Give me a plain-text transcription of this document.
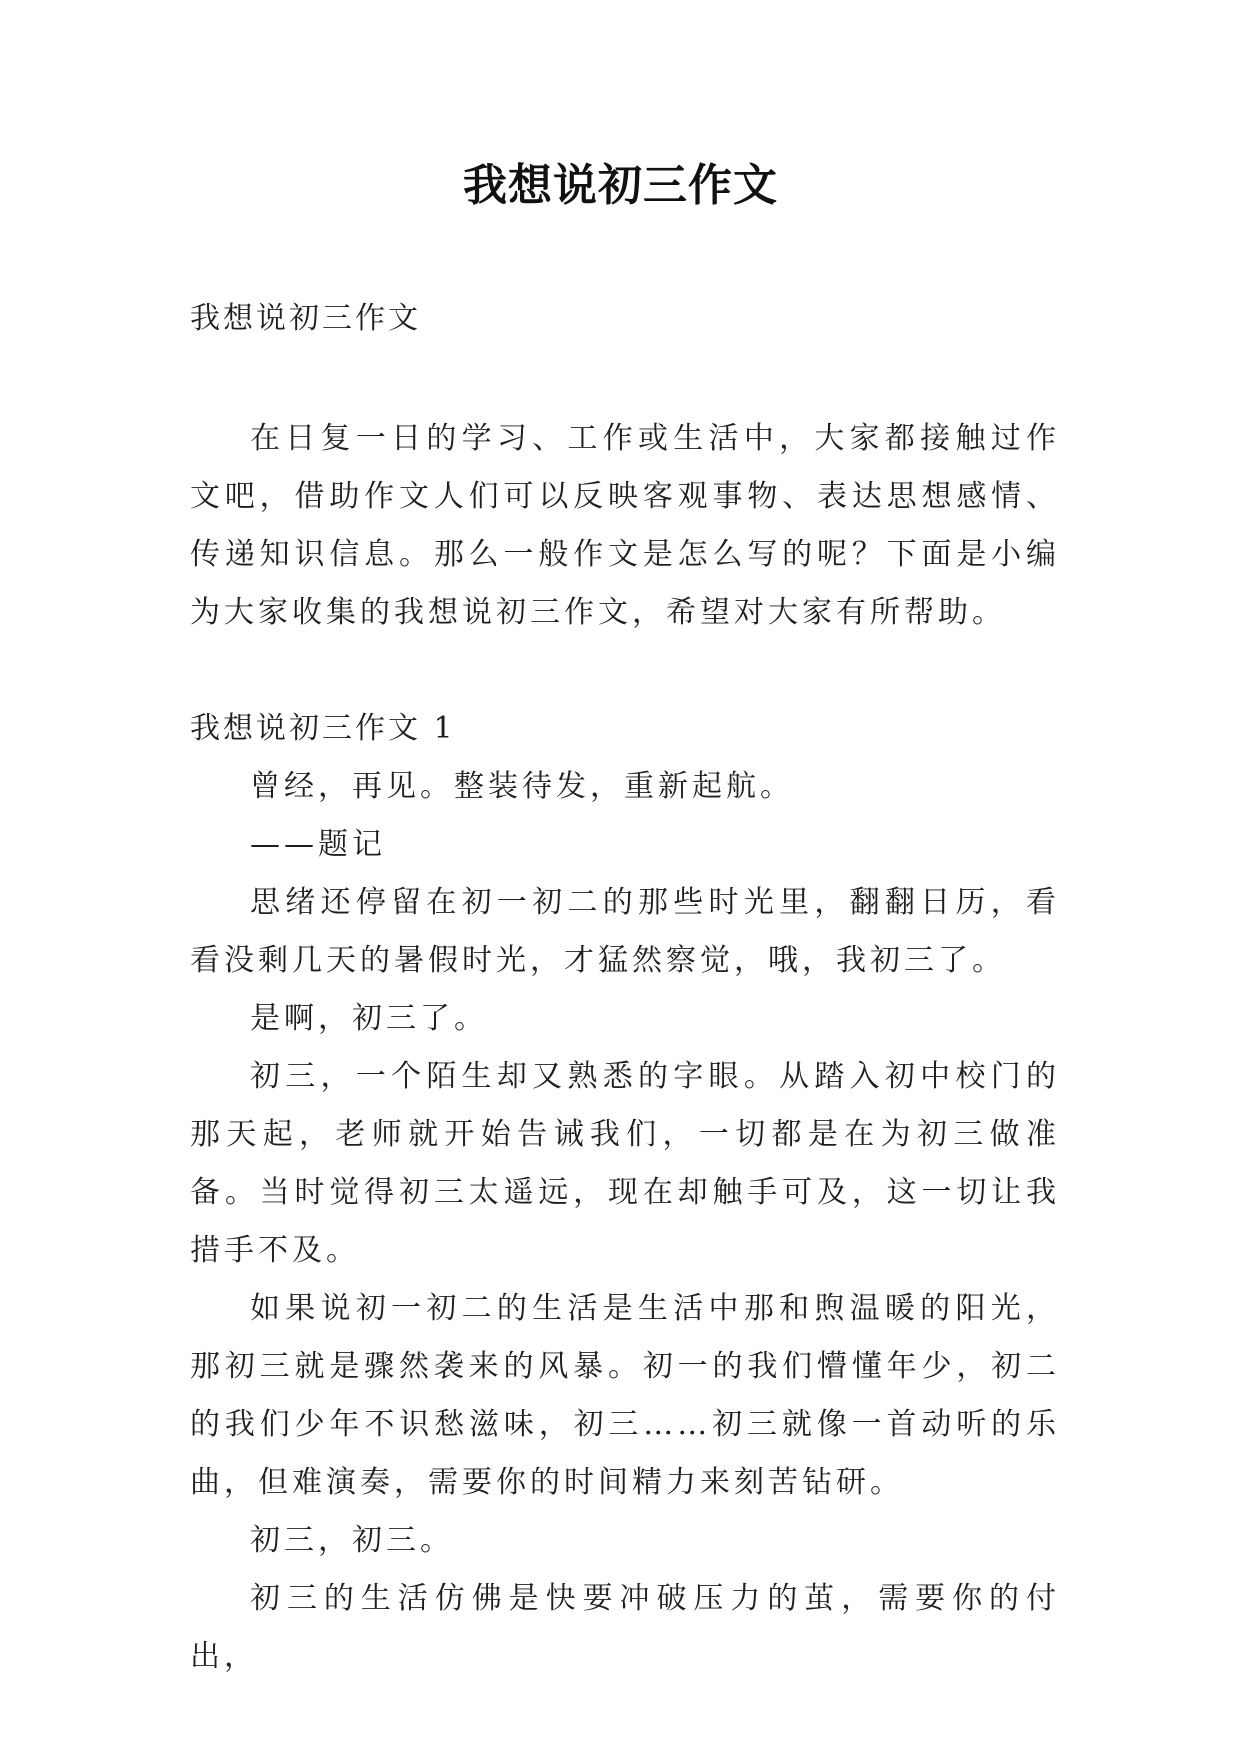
我想说初三作文

我想说初三作文

在日复一日的学习、工作或生活中，大家都接触过作文吧，借助作文人们可以反映客观事物、表达思想感情、传递知识信息。那么一般作文是怎么写的呢？下面是小编为大家收集的我想说初三作文，希望对大家有所帮助。

我想说初三作文 1

曾经，再见。整装待发，重新起航。

——题记

思绪还停留在初一初二的那些时光里，翻翻日历，看看没剩几天的暑假时光，才猛然察觉，哦，我初三了。

是啊，初三了。

初三，一个陌生却又熟悉的字眼。从踏入初中校门的那天起，老师就开始告诫我们，一切都是在为初三做准备。当时觉得初三太遥远，现在却触手可及，这一切让我措手不及。

如果说初一初二的生活是生活中那和煦温暖的阳光，那初三就是骤然袭来的风暴。初一的我们懵懂年少，初二的我们少年不识愁滋味，初三……初三就像一首动听的乐曲，但难演奏，需要你的时间精力来刻苦钻研。

初三，初三。

初三的生活仿佛是快要冲破压力的茧，需要你的付出，
